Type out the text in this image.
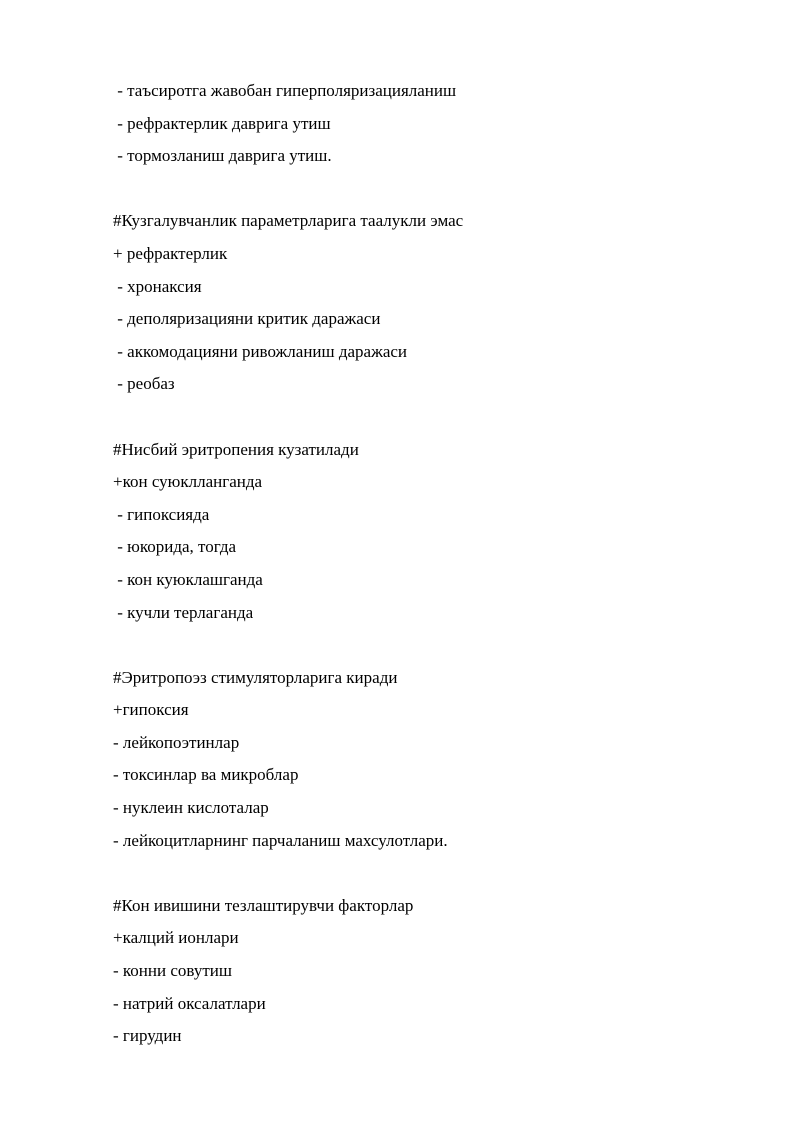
- таъсиротга жавобан гиперполяризацияланиш
- рефрактерлик даврига утиш
- тормозланиш даврига утиш.
#Кузгалувчанлик параметрларига таалукли эмас
+ рефрактерлик
- хронаксия
- деполяризацияни критик даражаси
- аккомодацияни ривожланиш даражаси
- реобаз
#Нисбий эритропения кузатилади
+кон суюклланганда
- гипоксияда
- юкорида, тогда
- кон куюклашганда
- кучли терлаганда
#Эритропоэз стимуляторларига киради
+гипоксия
- лейкопоэтинлар
- токсинлар ва микроблар
- нуклеин кислоталар
- лейкоцитларнинг парчаланиш махсулотлари.
#Кон ивишини тезлаштирувчи факторлар
+калций ионлари
- конни совутиш
- натрий оксалатлари
- гирудин
